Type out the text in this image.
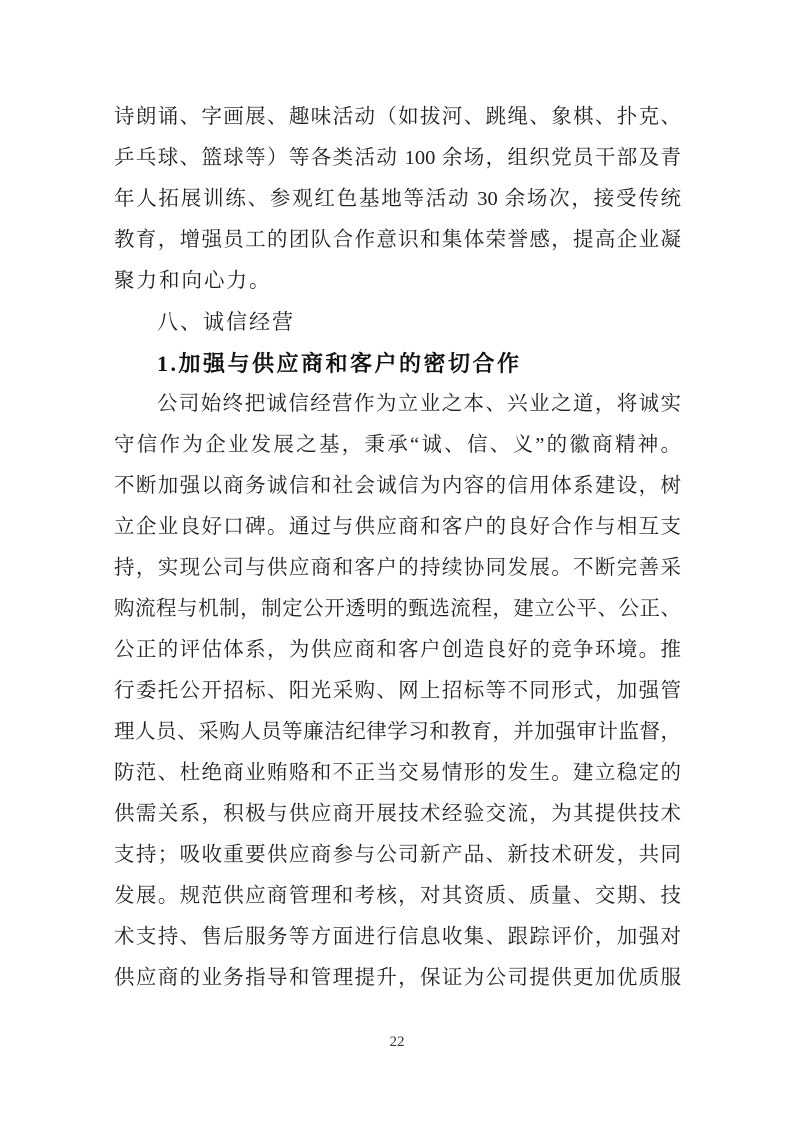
诗朗诵、字画展、趣味活动（如拔河、跳绳、象棋、扑克、
乒乓球、篮球等）等各类活动 100 余场，组织党员干部及青
年人拓展训练、参观红色基地等活动 30 余场次，接受传统
教育，增强员工的团队合作意识和集体荣誉感，提高企业凝
聚力和向心力。
八、诚信经营
1.加强与供应商和客户的密切合作
公司始终把诚信经营作为立业之本、兴业之道，将诚实
守信作为企业发展之基，秉承“诚、信、义”的徽商精神。
不断加强以商务诚信和社会诚信为内容的信用体系建设，树
立企业良好口碑。通过与供应商和客户的良好合作与相互支
持，实现公司与供应商和客户的持续协同发展。不断完善采
购流程与机制，制定公开透明的甄选流程，建立公平、公正、
公正的评估体系，为供应商和客户创造良好的竞争环境。推
行委托公开招标、阳光采购、网上招标等不同形式，加强管
理人员、采购人员等廉洁纪律学习和教育，并加强审计监督，
防范、杜绝商业贿赂和不正当交易情形的发生。建立稳定的
供需关系，积极与供应商开展技术经验交流，为其提供技术
支持；吸收重要供应商参与公司新产品、新技术研发，共同
发展。规范供应商管理和考核，对其资质、质量、交期、技
术支持、售后服务等方面进行信息收集、跟踪评价，加强对
供应商的业务指导和管理提升，保证为公司提供更加优质服
22
